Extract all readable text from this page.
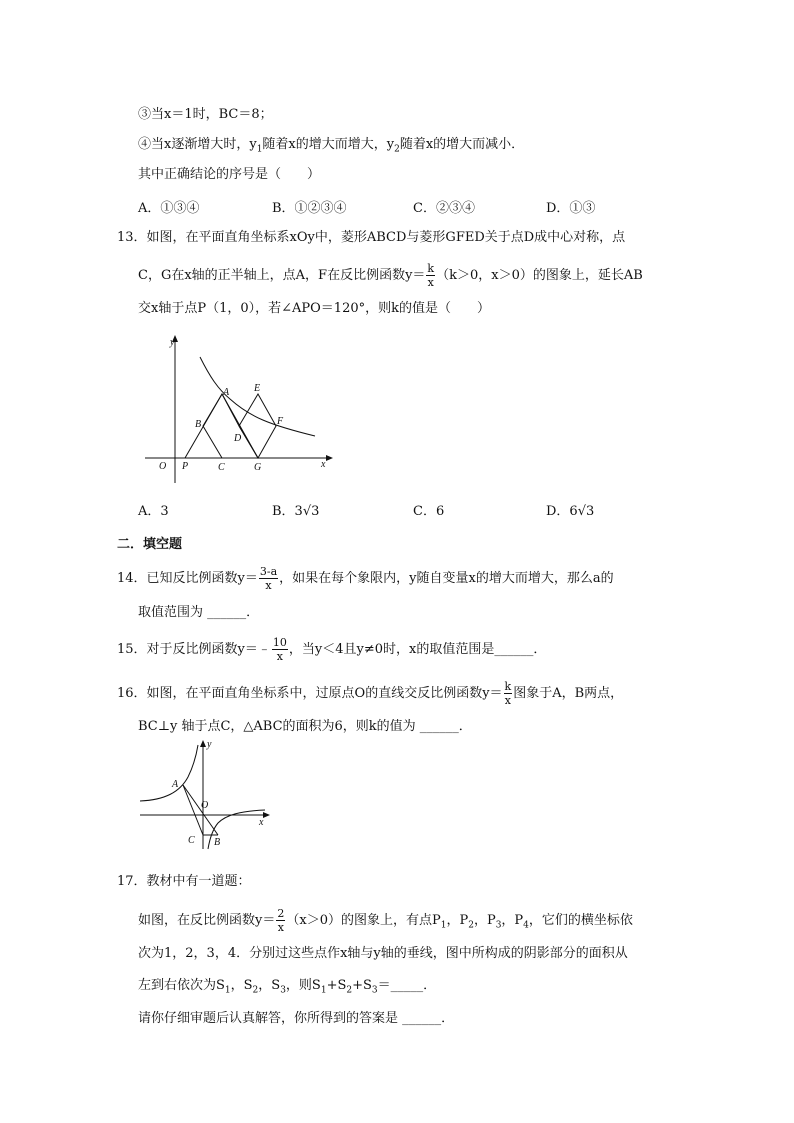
③当x＝1时，BC＝8；
④当x逐渐增大时，$y_1$随着x的增大而增大，$y_2$随着x的增大而减小．
其中正确结论的序号是（　　）
A．①③④	B．①②③④	C．②③④	D．①③
13．如图，在平面直角坐标系xOy中，菱形ABCD与菱形GFED关于点D成中心对称，点
C，G在x轴的正半轴上，点A，F在反比例函数$y= \frac{k}{x} (k>0$，x＞0）的图象上，延长AB
交x轴于点P（1，0），若∠APO＝120°，则k的值是（　　）
y
x
O P	C	G
A
B
D
E
F
A．3	B．3√3	C．6	D．6√3
二．填空题
14．已知反比例函数$y= \frac{3-a}{x}$ ，如果在每个象限内，y随自变量x的增大而增大，那么a的
取值范围为 ______．
15．对于反比例函数y＝﹣ $\frac{10}{x}$ ，当y＜4且y≠0时，x的取值范围是______．
16．如图，在平面直角坐标系中，过原点O的直线交反比例函数$y= \frac{k}{x}$ 图象于A，B两点，
BC⊥y 轴于点C，△ABC的面积为6，则k的值为 ______．
y
x
O
A
B
C
17．教材中有一道题：
如图，在反比例函数$y= \frac{2}{x} (x>0)$的图象上，有点$P_1$，$P_2$，$P_3$，$P_4$，它们的横坐标依
次为1，2，3，4．分别过这些点作x轴与y轴的垂线，图中所构成的阴影部分的面积从
左到右依次为$S_1$，$S_2$，$S_3$，则$S_1+S_2+S_3=\_\_\_\_\_$．
请你仔细审题后认真解答，你所得到的答案是 ______．
